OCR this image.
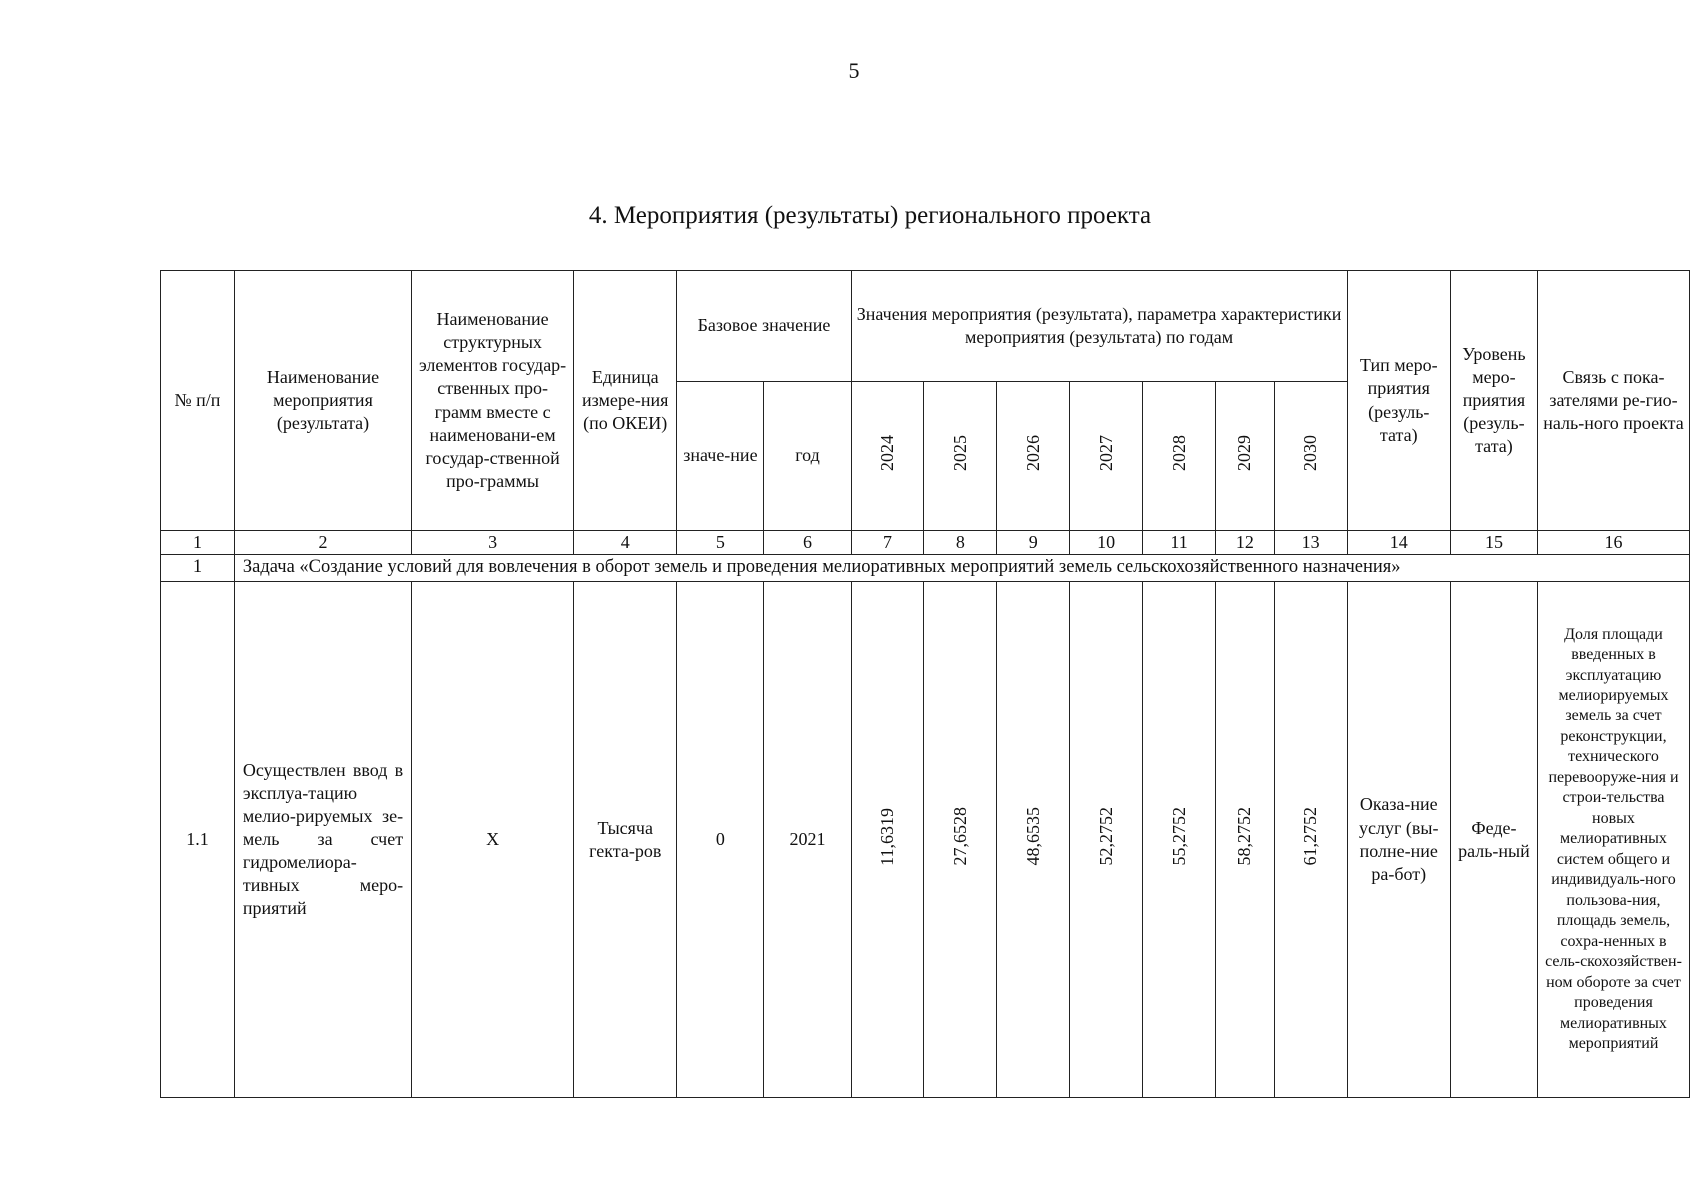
5
4. Мероприятия (результаты) регионального проекта
№ п/п	Наименование мероприятия (результата)	Наименование структурных элементов государ-ственных про-грамм вместе с наименовани-ем государ-ственной про-граммы	Единица измере-ния (по ОКЕИ)	Базовое значение		Значения мероприятия (результата), параметра характеристики мероприятия (результата) по годам							Тип меро-приятия (резуль-тата)	Уровень меро-приятия (резуль-тата)	Связь с пока-зателями ре-гио-наль-ного проекта
				значе-ние	год	2024	2025	2026	2027	2028	2029	2030			
1	2	3	4	5	6	7	8	9	10	11	12	13	14	15	16
1	Задача «Создание условий для вовлечения в оборот земель и проведения мелиоративных мероприятий земель сельскохозяйственного назначения»														
1.1	Осуществлен ввод в эксплуа-тацию мелио-рируемых зе-мель за счет гидромелиора-тивных меро-приятий	X	Тысяча гекта-ров	0	2021	11,6319	27,6528	48,6535	52,2752	55,2752	58,2752	61,2752	Оказа-ние услуг (вы-полне-ние ра-бот)	Феде-раль-ный	Доля площади введенных в эксплуатацию мелиорируемых земель за счет реконструкции, технического перевооруже-ния и строи-тельства новых мелиоративных систем общего и индивидуаль-ного пользова-ния, площадь земель, сохра-ненных в сель-скохозяйствен-ном обороте за счет проведения мелиоративных мероприятий
